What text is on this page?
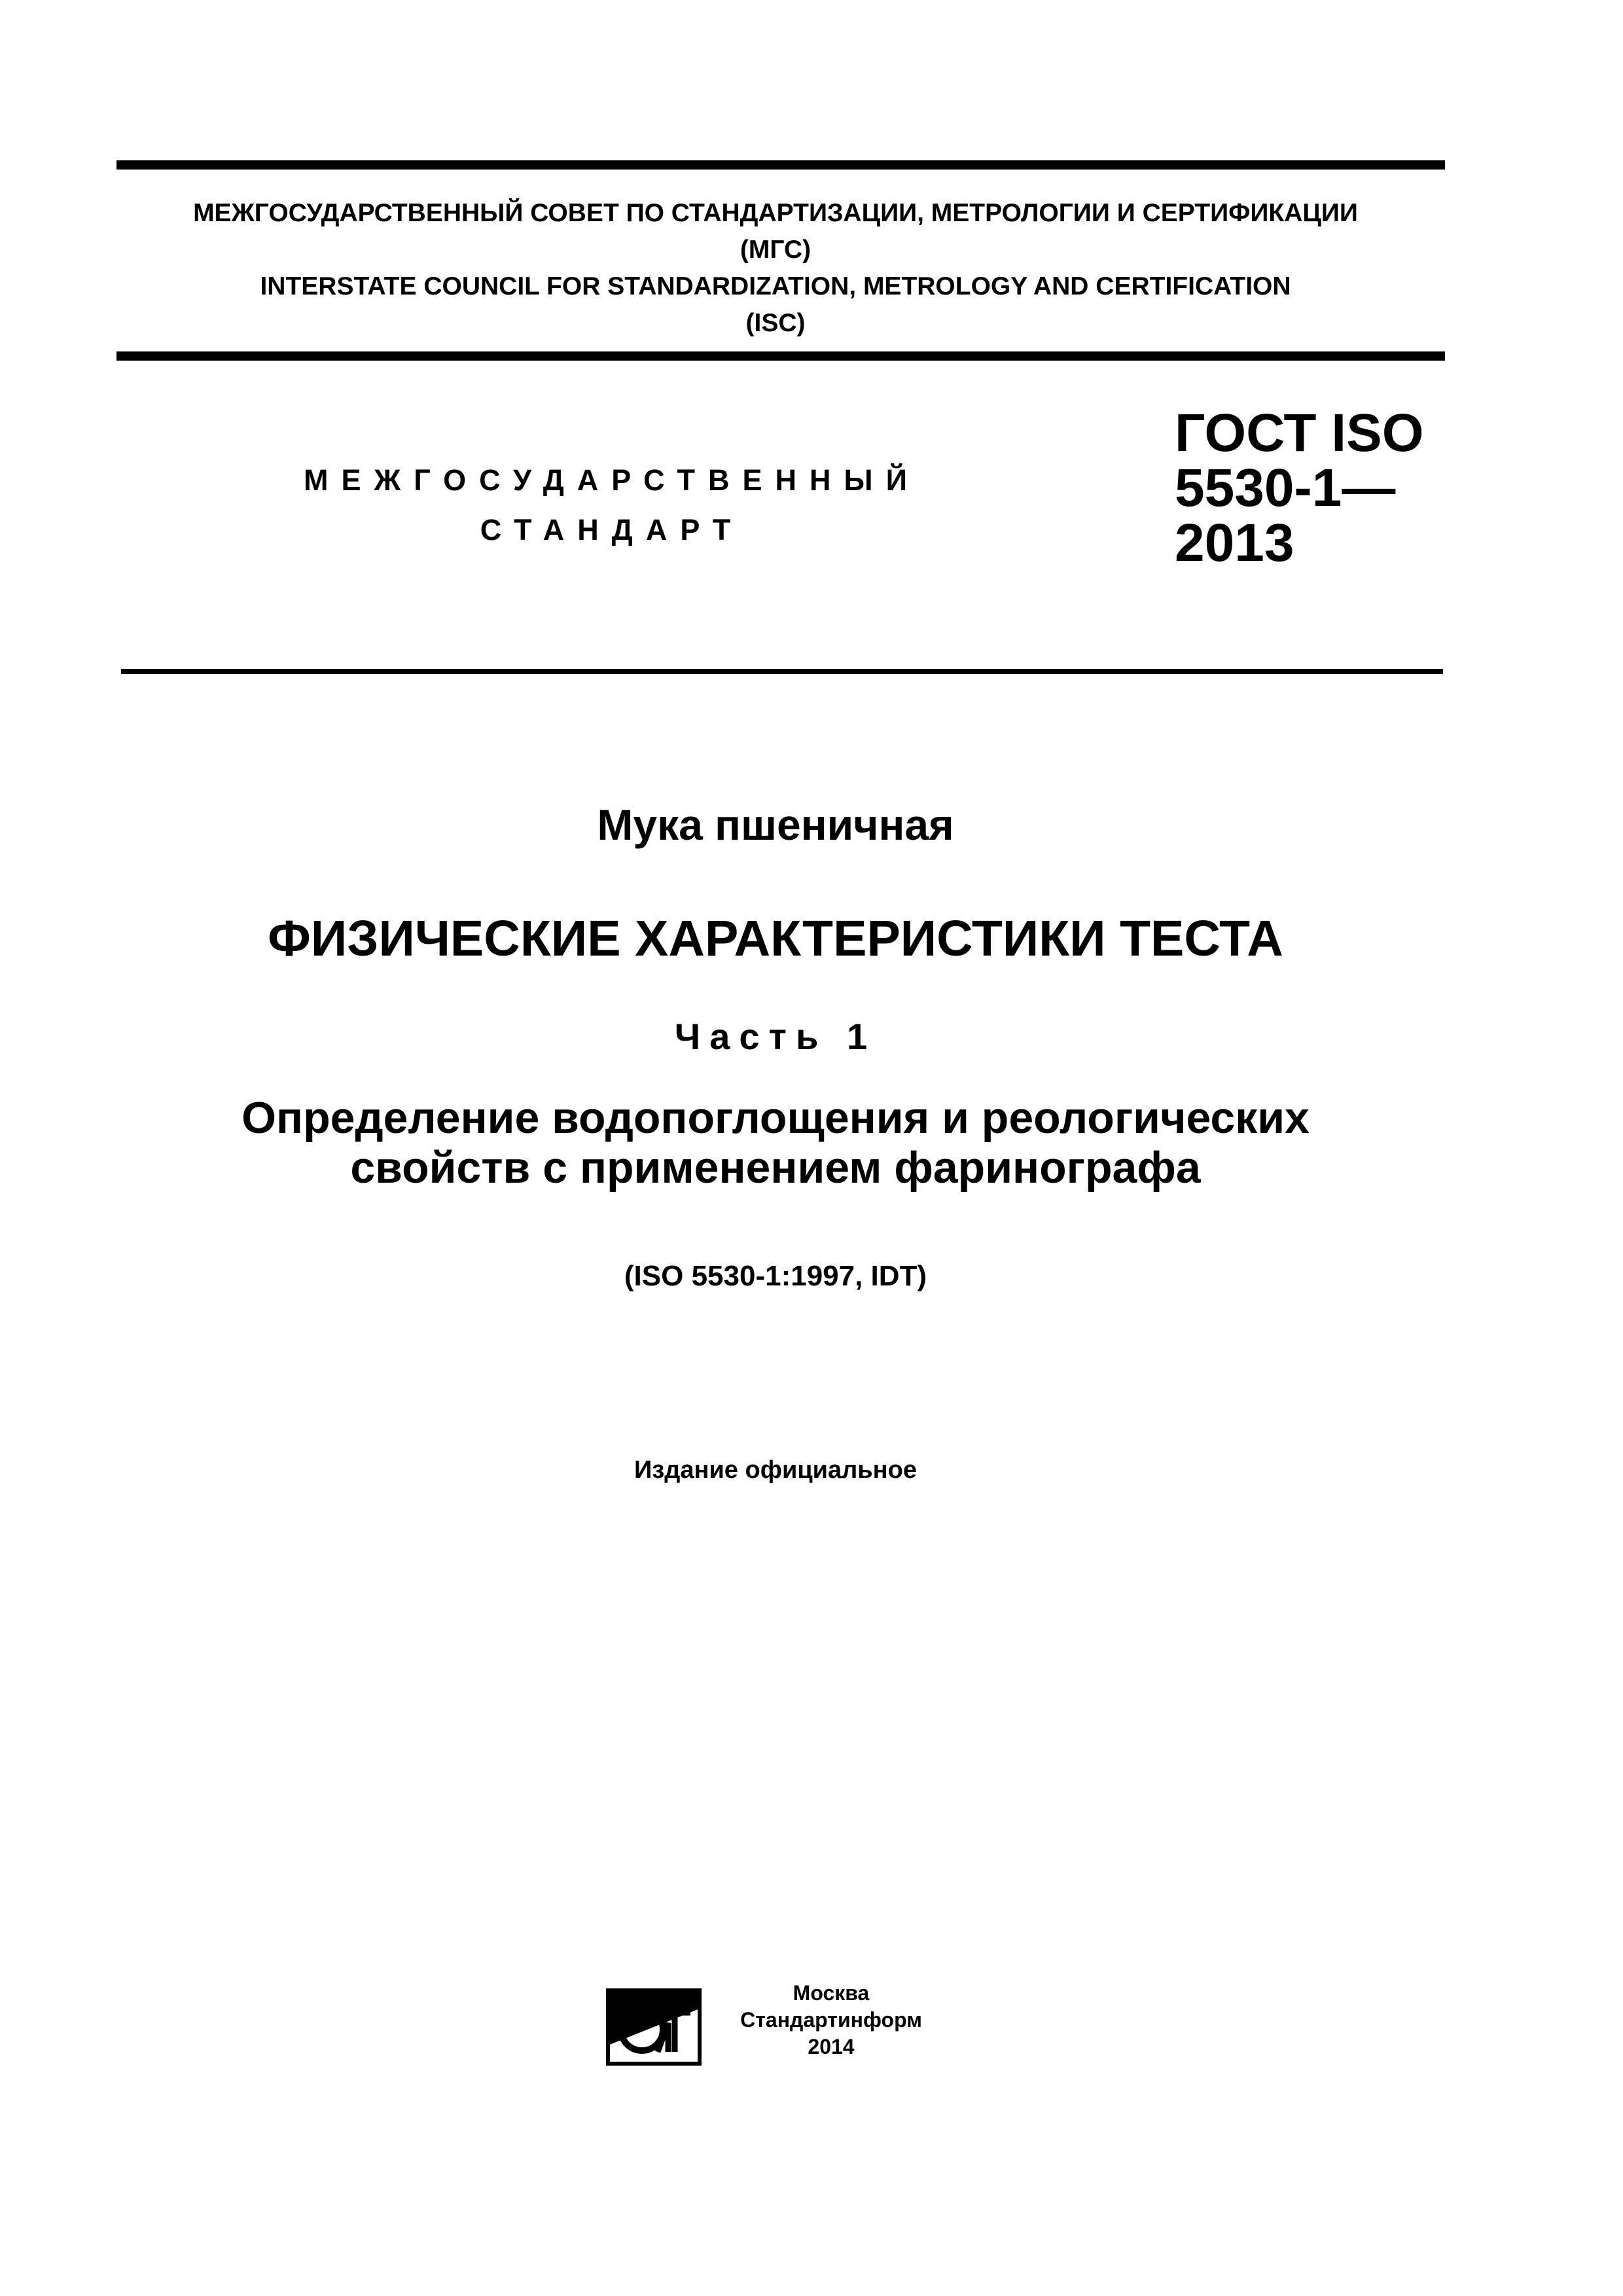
МЕЖГОСУДАРСТВЕННЫЙ СОВЕТ ПО СТАНДАРТИЗАЦИИ, МЕТРОЛОГИИ И СЕРТИФИКАЦИИ
(МГС)
INTERSTATE COUNCIL FOR STANDARDIZATION, METROLOGY AND CERTIFICATION
(ISC)
МЕЖГОСУДАРСТВЕННЫЙ
СТАНДАРТ
ГОСТ ISO
5530-1—
2013
Мука пшеничная
ФИЗИЧЕСКИЕ ХАРАКТЕРИСТИКИ ТЕСТА
Часть 1
Определение водопоглощения и реологических
свойств с применением фаринографа
(ISO 5530-1:1997, IDT)
Издание официальное
Москва
Стандартинформ
2014
